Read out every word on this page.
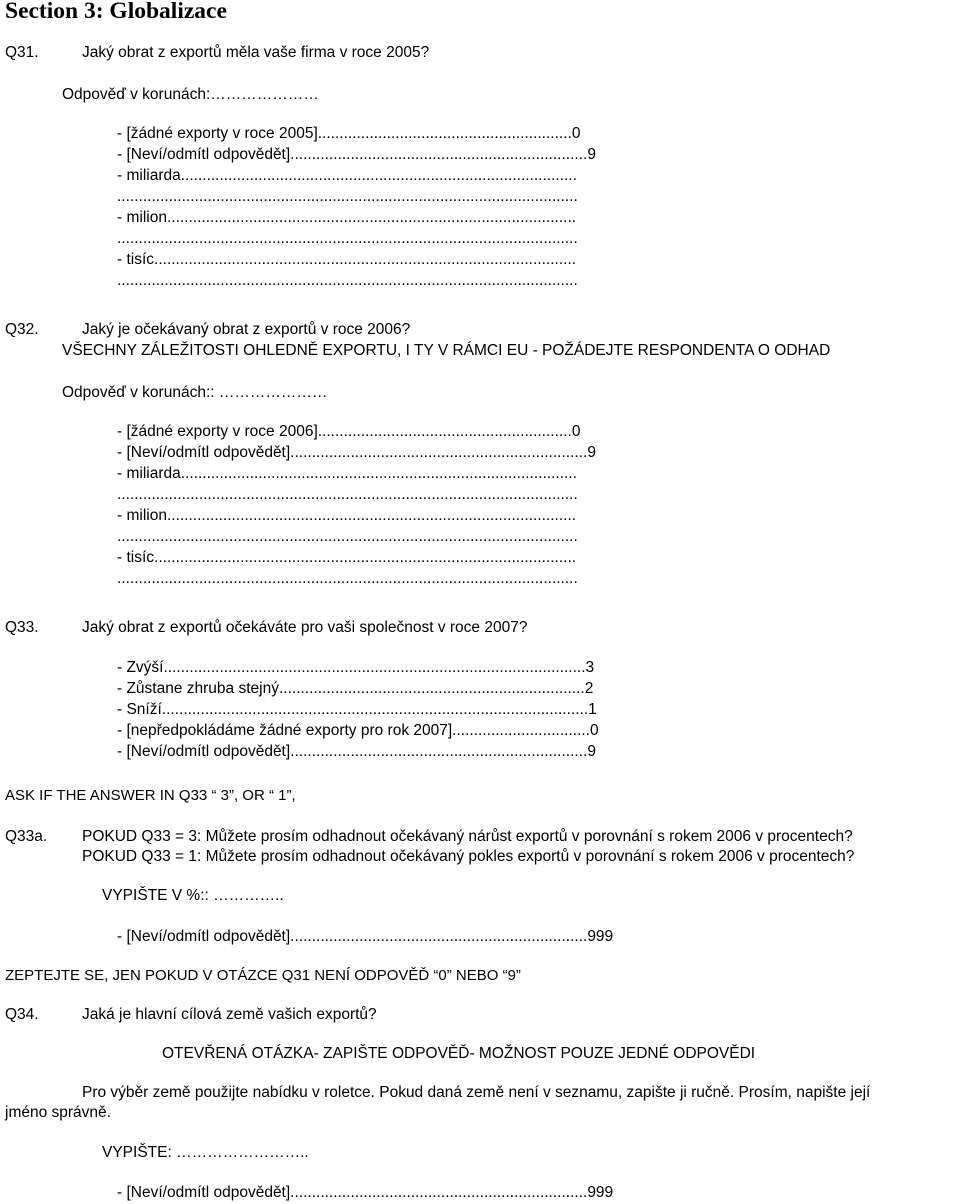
Section 3: Globalizace
Q31.	Jaký obrat z exportů měla vaše firma v roce 2005?
Odpověď v korunách:…………………
- [žádné exporty v roce 2005]...........................................................0
- [Neví/odmítl odpovědět].....................................................................9
- miliarda............................................................................................
...........................................................................................................
- milion...............................................................................................
...........................................................................................................
- tisíc..................................................................................................
...........................................................................................................
Q32.	Jaký je očekávaný obrat z exportů v roce 2006?
VŠECHNY ZÁLEŽITOSTI OHLEDNĚ EXPORTU, I TY V RÁMCI EU - POŽÁDEJTE RESPONDENTA O ODHAD
Odpověď v korunách:: …………………
- [žádné exporty v roce 2006]...........................................................0
- [Neví/odmítl odpovědět].....................................................................9
- miliarda............................................................................................
...........................................................................................................
- milion...............................................................................................
...........................................................................................................
- tisíc..................................................................................................
...........................................................................................................
Q33.	Jaký obrat z exportů očekáváte pro vaši společnost v roce 2007?
- Zvýší..................................................................................................3
- Zůstane zhruba stejný.......................................................................2
- Sníží...................................................................................................1
- [nepředpokládáme žádné exporty pro rok 2007]................................0
- [Neví/odmítl odpovědět].....................................................................9
ASK IF THE ANSWER IN Q33 “ 3”, OR “ 1”,
Q33a. POKUD Q33 = 3: Můžete prosím odhadnout očekávaný nárůst exportů v porovnání s rokem 2006 v procentech?
POKUD Q33 = 1: Můžete prosím odhadnout očekávaný pokles exportů v porovnání s rokem 2006 v procentech?
VYPIŠTE V %:: …………..
- [Neví/odmítl odpovědět].....................................................................999
ZEPTEJTE SE, JEN POKUD V OTÁZCE Q31 NENÍ ODPOVĚĎ “0” NEBO “9”
Q34.	Jaká je hlavní cílová země vašich exportů?
OTEVŘENÁ OTÁZKA- ZAPIŠTE ODPOVĚĎ- MOŽNOST POUZE JEDNÉ ODPOVĚDI
Pro výběr země použijte nabídku v roletce. Pokud daná země není v seznamu, zapište ji ručně. Prosím, napište její
jméno správně.
VYPIŠTE: ……………………..
- [Neví/odmítl odpovědět].....................................................................999
